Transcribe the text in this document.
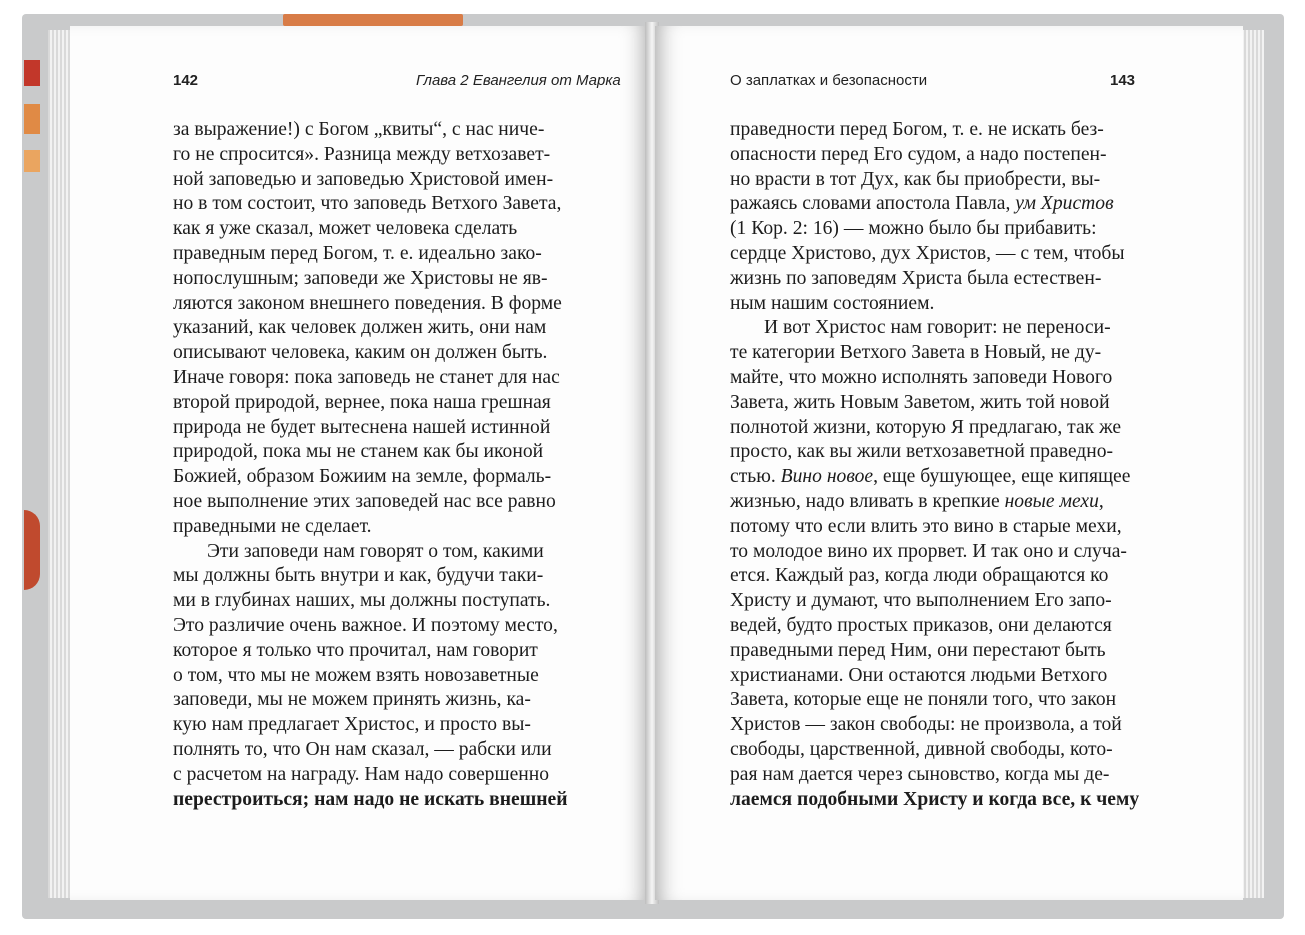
142	Глава 2 Евангелия от Марка
за выражение!) с Богом „квиты“, с нас ниче-
го не спросится». Разница между ветхозавет-
ной заповедью и заповедью Христовой имен-
но в том состоит, что заповедь Ветхого Завета,
как я уже сказал, может человека сделать
праведным перед Богом, т. е. идеально зако-
нопослушным; заповеди же Христовы не яв-
ляются законом внешнего поведения. В форме
указаний, как человек должен жить, они нам
описывают человека, каким он должен быть.
Иначе говоря: пока заповедь не станет для нас
второй природой, вернее, пока наша грешная
природа не будет вытеснена нашей истинной
природой, пока мы не станем как бы иконой
Божией, образом Божиим на земле, формаль-
ное выполнение этих заповедей нас все равно
праведными не сделает.
Эти заповеди нам говорят о том, какими
мы должны быть внутри и как, будучи таки-
ми в глубинах наших, мы должны поступать.
Это различие очень важное. И поэтому место,
которое я только что прочитал, нам говорит
о том, что мы не можем взять новозаветные
заповеди, мы не можем принять жизнь, ка-
кую нам предлагает Христос, и просто вы-
полнять то, что Он нам сказал, — рабски или
с расчетом на награду. Нам надо совершенно
перестроиться; нам надо не искать внешней
О заплатках и безопасности	143
праведности перед Богом, т. е. не искать без-
опасности перед Его судом, а надо постепен-
но врасти в тот Дух, как бы приобрести, вы-
ражаясь словами апостола Павла, ум Христов
(1 Кор. 2: 16) — можно было бы прибавить:
сердце Христово, дух Христов, — с тем, чтобы
жизнь по заповедям Христа была естествен-
ным нашим состоянием.
И вот Христос нам говорит: не переноси-
те категории Ветхого Завета в Новый, не ду-
майте, что можно исполнять заповеди Нового
Завета, жить Новым Заветом, жить той новой
полнотой жизни, которую Я предлагаю, так же
просто, как вы жили ветхозаветной праведно-
стью. Вино новое, еще бушующее, еще кипящее
жизнью, надо вливать в крепкие новые мехи,
потому что если влить это вино в старые мехи,
то молодое вино их прорвет. И так оно и случа-
ется. Каждый раз, когда люди обращаются ко
Христу и думают, что выполнением Его запо-
ведей, будто простых приказов, они делаются
праведными перед Ним, они перестают быть
христианами. Они остаются людьми Ветхого
Завета, которые еще не поняли того, что закон
Христов — закон свободы: не произвола, а той
свободы, царственной, дивной свободы, кото-
рая нам дается через сыновство, когда мы де-
лаемся подобными Христу и когда все, к чему
